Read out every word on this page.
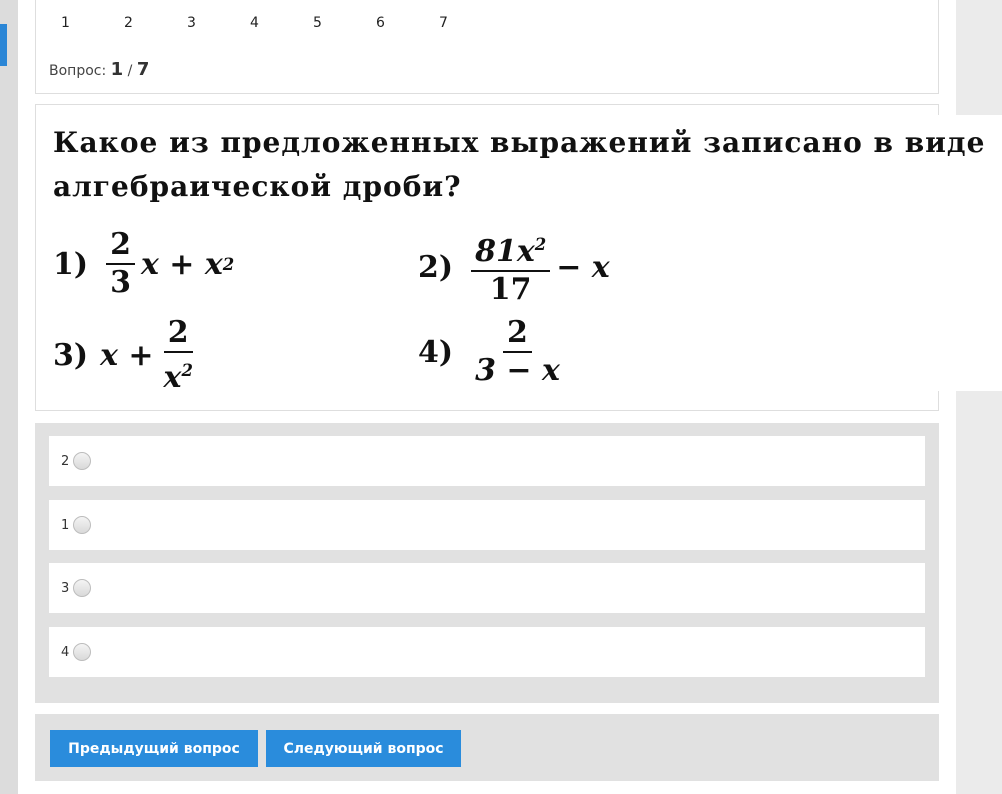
1	2	3	4	5	6	7
Вопрос: 1 / 7
Какое из предложенных выражений записано в виде
алгебраической дроби?
$1) \frac{2}{3}$ x + x 2	$2) \frac{81x^2}{17} - x$
3) $x + \frac{2}{x^2}$	$4) \frac{2}{3 - x}$
2
1
3
4
Предыдущий вопрос	Следующий вопрос
